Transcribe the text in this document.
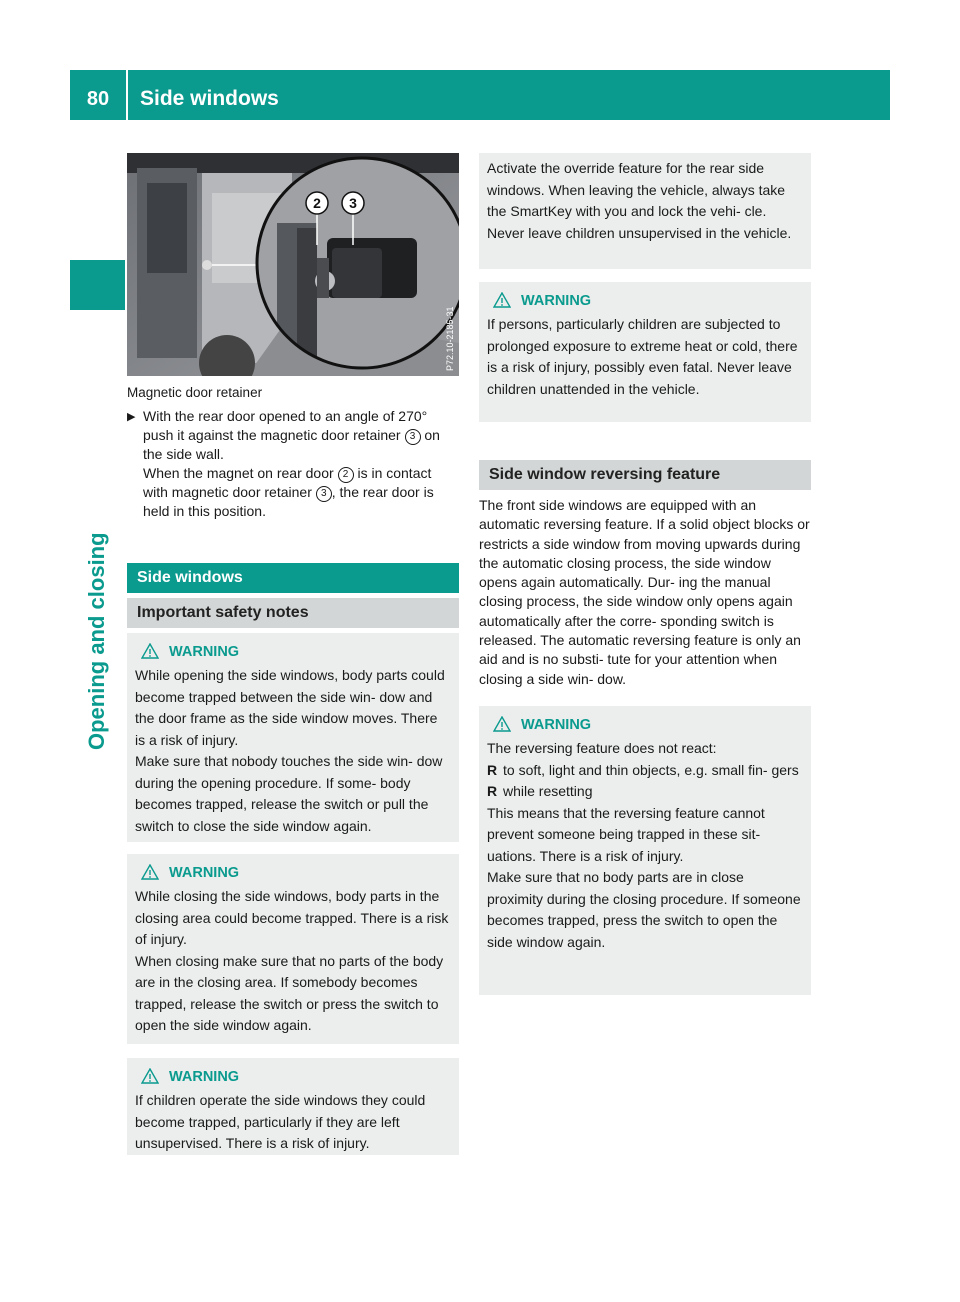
80	Side windows
Opening and closing
2 3
P72.10-2185-31
Magnetic door retainer
▶ With the rear door opened to an angle of 270° push it against the magnetic door retainer 3 on the side wall.
When the magnet on rear door 2 is in contact with magnetic door retainer 3 , the rear door is held in this position.
Side windows
Important safety notes
WARNING

While opening the side windows, body parts could become trapped between the side win- dow and the door frame as the side window moves. There is a risk of injury.

Make sure that nobody touches the side win- dow during the opening procedure. If some- body becomes trapped, release the switch or pull the switch to close the side window again.

WARNING

While closing the side windows, body parts in the closing area could become trapped. There is a risk of injury.

When closing make sure that no parts of the body are in the closing area. If somebody becomes trapped, release the switch or press the switch to open the side window again.

WARNING

If children operate the side windows they could become trapped, particularly if they are left unsupervised. There is a risk of injury.

Activate the override feature for the rear side windows. When leaving the vehicle, always take the SmartKey with you and lock the vehi- cle. Never leave children unsupervised in the vehicle.

WARNING

If persons, particularly children are subjected to prolonged exposure to extreme heat or cold, there is a risk of injury, possibly even fatal. Never leave children unattended in the vehicle.

Side window reversing feature
The front side windows are equipped with an automatic reversing feature. If a solid object blocks or restricts a side window from moving upwards during the automatic closing process, the side window opens again automatically. Dur- ing the manual closing process, the side window only opens again automatically after the corre- sponding switch is released. The automatic reversing feature is only an aid and is no substi- tute for your attention when closing a side win- dow.
WARNING

The reversing feature does not react:

R to soft, light and thin objects, e.g. small fin- gers
R while resetting

This means that the reversing feature cannot prevent someone being trapped in these sit- uations. There is a risk of injury.

Make sure that no body parts are in close proximity during the closing procedure. If someone becomes trapped, press the switch to open the side window again.
